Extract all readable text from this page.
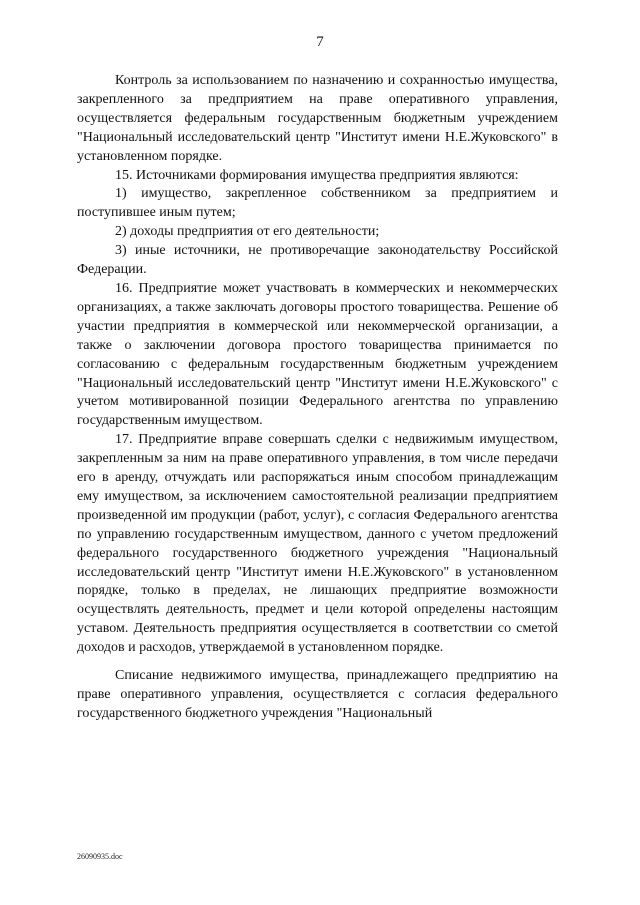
7

Контроль за использованием по назначению и сохранностью имущества, закрепленного за предприятием на праве оперативного управления, осуществляется федеральным государственным бюджетным учреждением "Национальный исследовательский центр "Институт имени Н.Е.Жуковского" в установленном порядке.

15. Источниками формирования имущества предприятия являются:

1) имущество, закрепленное собственником за предприятием и поступившее иным путем;

2) доходы предприятия от его деятельности;

3) иные источники, не противоречащие законодательству Российской Федерации.

16. Предприятие может участвовать в коммерческих и некоммерческих организациях, а также заключать договоры простого товарищества. Решение об участии предприятия в коммерческой или некоммерческой организации, а также о заключении договора простого товарищества принимается по согласованию с федеральным государственным бюджетным учреждением "Национальный исследовательский центр "Институт имени Н.Е.Жуковского" с учетом мотивированной позиции Федерального агентства по управлению государственным имуществом.

17. Предприятие вправе совершать сделки с недвижимым имуществом, закрепленным за ним на праве оперативного управления, в том числе передачи его в аренду, отчуждать или распоряжаться иным способом принадлежащим ему имуществом, за исключением самостоятельной реализации предприятием произведенной им продукции (работ, услуг), с согласия Федерального агентства по управлению государственным имуществом, данного с учетом предложений федерального государственного бюджетного учреждения "Национальный исследовательский центр "Институт имени Н.Е.Жуковского" в установленном порядке, только в пределах, не лишающих предприятие возможности осуществлять деятельность, предмет и цели которой определены настоящим уставом. Деятельность предприятия осуществляется в соответствии со сметой доходов и расходов, утверждаемой в установленном порядке.

Списание недвижимого имущества, принадлежащего предприятию на праве оперативного управления, осуществляется с согласия федерального государственного бюджетного учреждения "Национальный

26090935.doc
